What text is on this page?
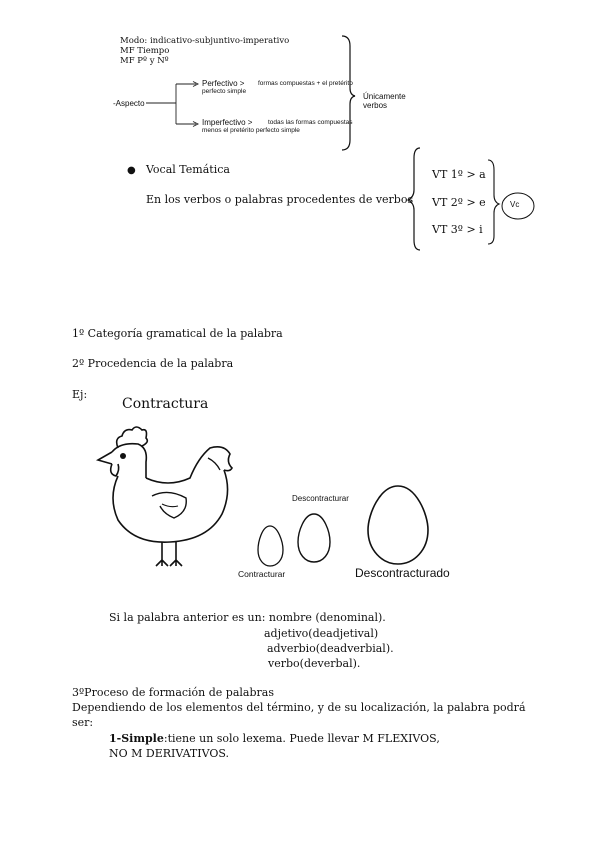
Modo: indicativo-subjuntivo-imperativo
MF Tiempo
MF Pº y Nº
-Aspecto
Perfectivo > formas compuestas + el pretérito
perfecto simple
Imperfectivo > todas las formas compuestas
menos el pretérito perfecto simple
Únicamente
verbos
● Vocal Temática
En los verbos o palabras procedentes de verbos
VT 1º > a
VT 2º > e
VT 3º > i
Vc
1º Categoría gramatical de la palabra
2º Procedencia de la palabra
Ej:
Contractura
Descontracturar
Contracturar	Descontracturado
Si la palabra anterior es un: nombre (denominal).
adjetivo(deadjetival)
adverbio(deadverbial).
verbo(deverbal).
3ºProceso de formación de palabras
Dependiendo de los elementos del término, y de su localización, la palabra podrá
ser:
1-Simple:tiene un solo lexema. Puede llevar M FLEXIVOS,
NO M DERIVATIVOS.
